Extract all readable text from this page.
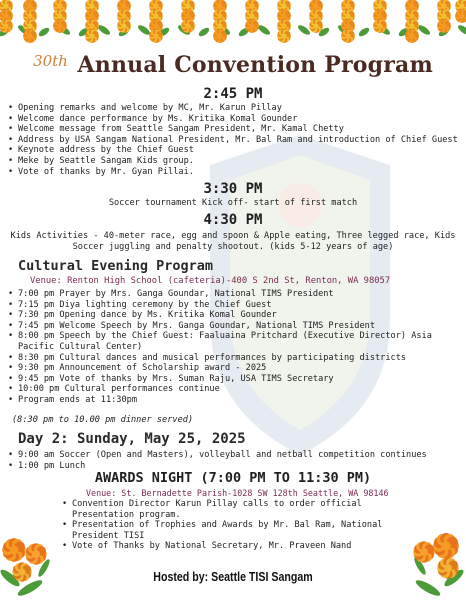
30th Annual Convention Program
2:45 PM
• Opening remarks and welcome by MC, Mr. Karun Pillay
• Welcome dance performance by Ms. Kritika Komal Gounder
• Welcome message from Seattle Sangam President, Mr. Kamal Chetty
• Address by USA Sangam National President, Mr. Bal Ram and introduction of Chief Guest
• Keynote address by the Chief Guest
• Meke by Seattle Sangam Kids group.
• Vote of thanks by Mr. Gyan Pillai.
3:30 PM
Soccer tournament Kick off- start of first match
4:30 PM
Kids Activities - 40-meter race, egg and spoon & Apple eating, Three legged race, Kids
Soccer juggling and penalty shootout. (kids 5-12 years of age)
Cultural Evening Program
Venue: Renton High School (cafeteria)-400 S 2nd St, Renton, WA 98057
• 7:00 pm Prayer by Mrs. Ganga Goundar, National TIMS President
• 7:15 pm Diya lighting ceremony by the Chief Guest
• 7:30 pm Opening dance by Ms. Kritika Komal Gounder
• 7:45 pm Welcome Speech by Mrs. Ganga Goundar, National TIMS President
• 8:00 pm Speech by the Chief Guest: Faaluaina Pritchard (Executive Director) Asia Pacific Cultural Center)
• 8:30 pm Cultural dances and musical performances by participating districts
• 9:30 pm Announcement of Scholarship award - 2025
• 9:45 pm Vote of thanks by Mrs. Suman Raju, USA TIMS Secretary
• 10:00 pm Cultural performances continue
• Program ends at 11:30pm
(8:30 pm to 10.00 pm dinner served)
Day 2: Sunday, May 25, 2025
• 9:00 am Soccer (Open and Masters), volleyball and netball competition continues
• 1:00 pm Lunch
AWARDS NIGHT (7:00 PM TO 11:30 PM)
Venue: St. Bernadette Parish-1028 SW 128th Seattle, WA 98146
• Convention Director Karun Pillay calls to order official Presentation program.
• Presentation of Trophies and Awards by Mr. Bal Ram, National President TISI
• Vote of Thanks by National Secretary, Mr. Praveen Nand
Hosted by: Seattle TISI Sangam
